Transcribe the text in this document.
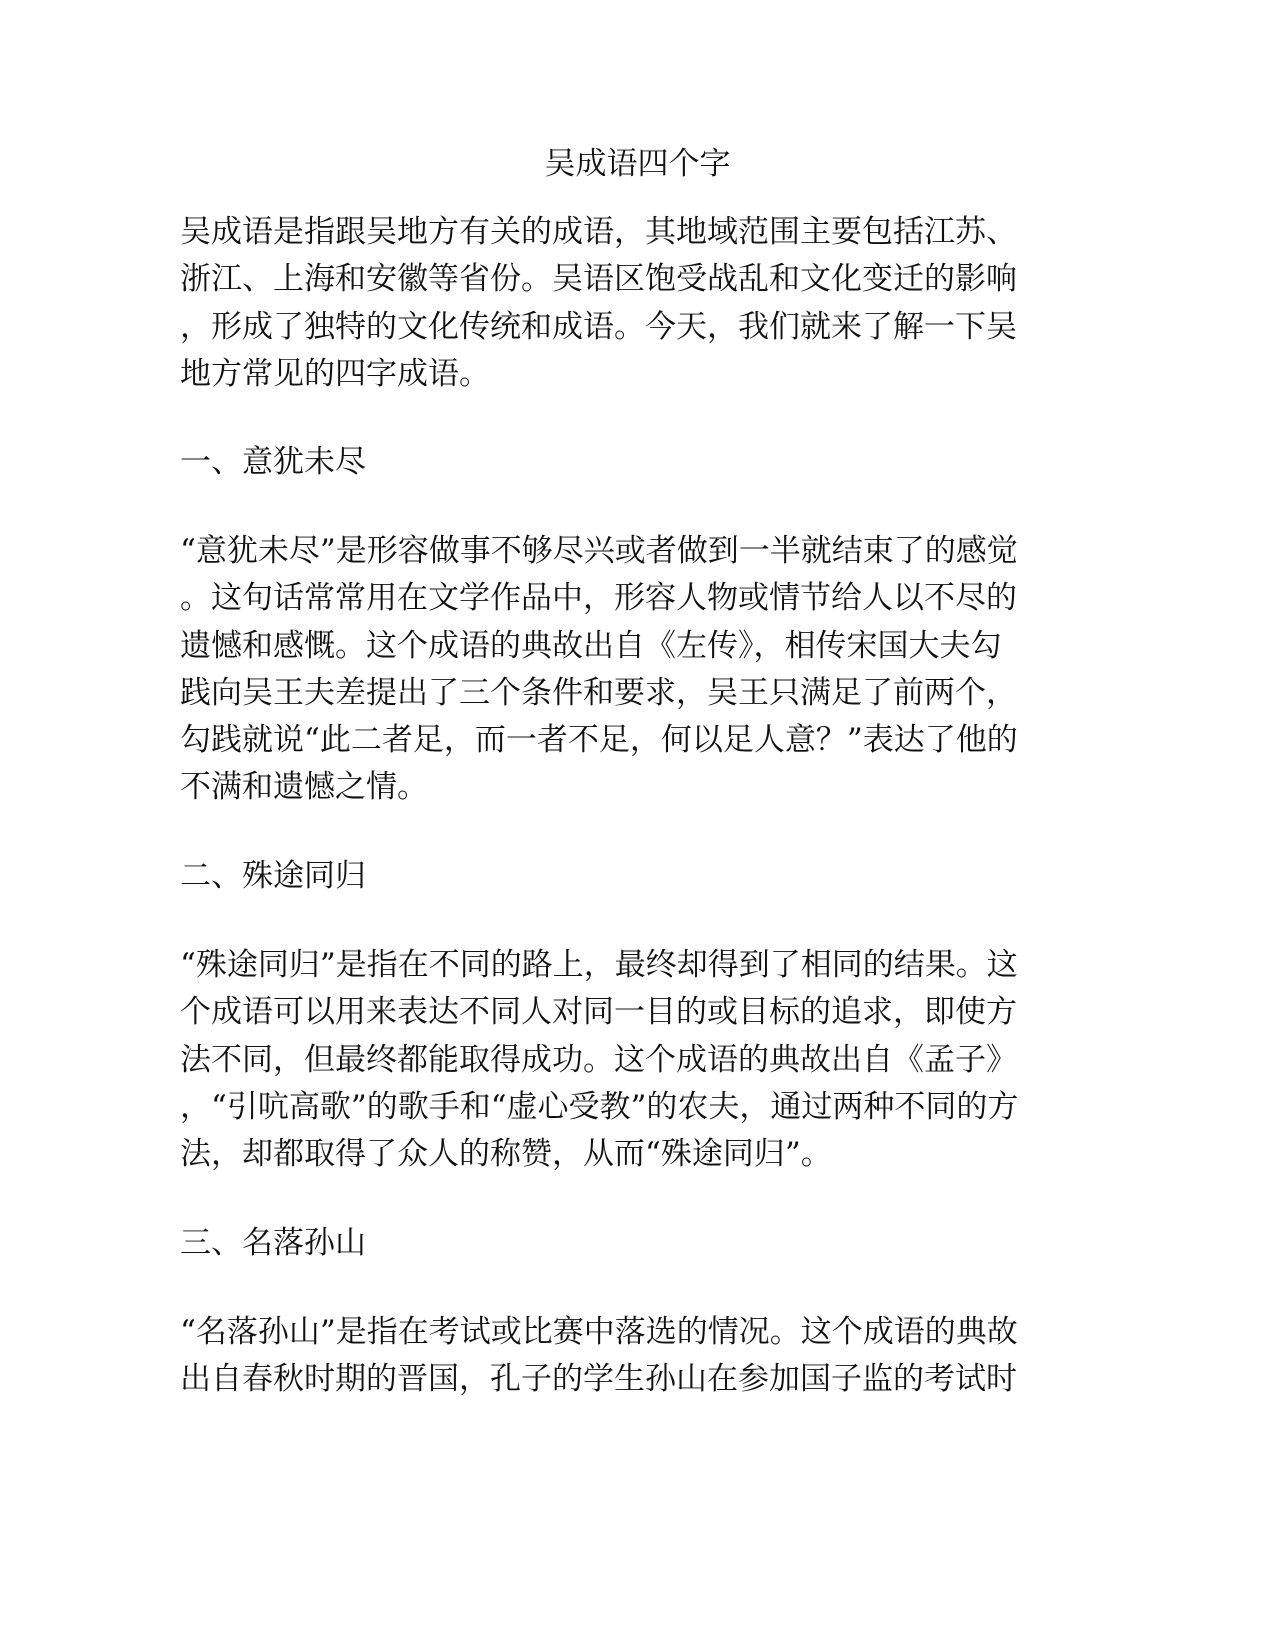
吴成语四个字
吴成语是指跟吴地方有关的成语，其地域范围主要包括江苏、
浙江、上海和安徽等省份。吴语区饱受战乱和文化变迁的影响
，形成了独特的文化传统和成语。今天，我们就来了解一下吴
地方常见的四字成语。
一、意犹未尽
“意犹未尽”是形容做事不够尽兴或者做到一半就结束了的感觉
。这句话常常用在文学作品中，形容人物或情节给人以不尽的
遗憾和感慨。这个成语的典故出自《左传》，相传宋国大夫勾
践向吴王夫差提出了三个条件和要求，吴王只满足了前两个，
勾践就说“此二者足，而一者不足，何以足人意？”表达了他的
不满和遗憾之情。
二、殊途同归
“殊途同归”是指在不同的路上，最终却得到了相同的结果。这
个成语可以用来表达不同人对同一目的或目标的追求，即使方
法不同，但最终都能取得成功。这个成语的典故出自《孟子》
，“引吭高歌”的歌手和“虚心受教”的农夫，通过两种不同的方
法，却都取得了众人的称赞，从而“殊途同归”。
三、名落孙山
“名落孙山”是指在考试或比赛中落选的情况。这个成语的典故
出自春秋时期的晋国，孔子的学生孙山在参加国子监的考试时
